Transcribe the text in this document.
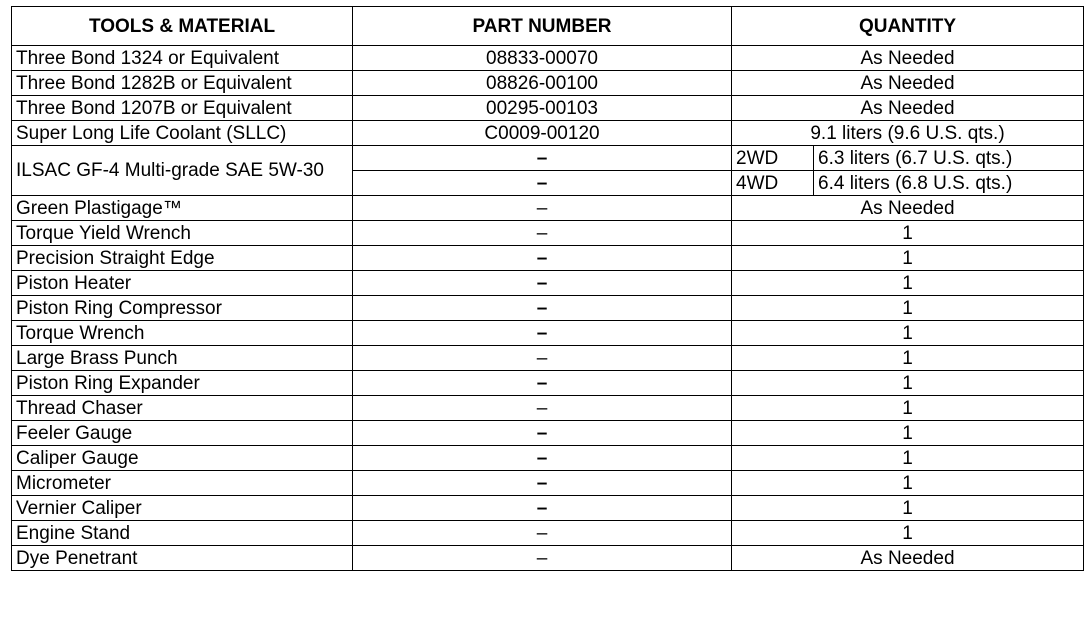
TOOLS & MATERIAL	PART NUMBER	QUANTITY	
Three Bond 1324 or Equivalent	08833-00070	As Needed	
Three Bond 1282B or Equivalent	08826-00100	As Needed	
Three Bond 1207B or Equivalent	00295-00103	As Needed	
Super Long Life Coolant (SLLC)	C0009-00120	9.1 liters (9.6 U.S. qts.)	
ILSAC GF-4 Multi-grade SAE 5W-30	–	2WD	6.3 liters (6.7 U.S. qts.)
	–	4WD	6.4 liters (6.8 U.S. qts.)
Green Plastigage™	–	As Needed	
Torque Yield Wrench	–	1	
Precision Straight Edge	–	1	
Piston Heater	–	1	
Piston Ring Compressor	–	1	
Torque Wrench	–	1	
Large Brass Punch	–	1	
Piston Ring Expander	–	1	
Thread Chaser	–	1	
Feeler Gauge	–	1	
Caliper Gauge	–	1	
Micrometer	–	1	
Vernier Caliper	–	1	
Engine Stand	–	1	
Dye Penetrant	–	As Needed	
